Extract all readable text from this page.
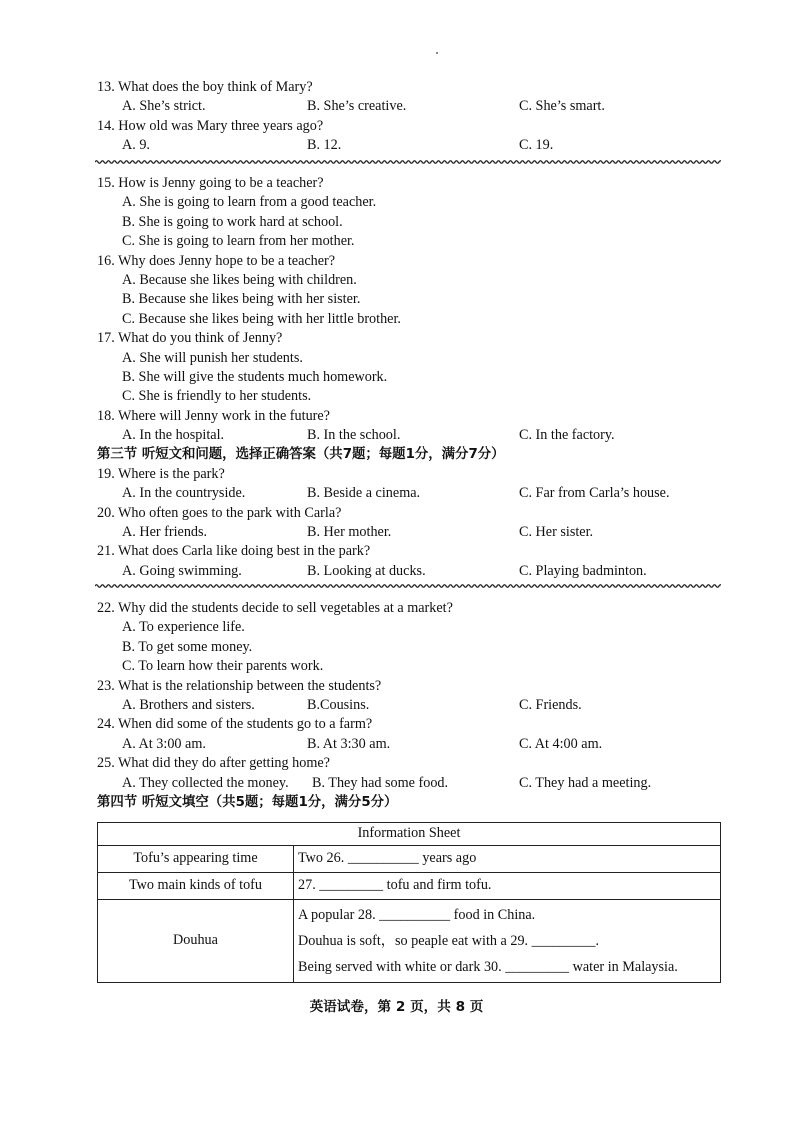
13. What does the boy think of Mary?
A. She’s strict.	B. She’s creative.	C. She’s smart.
14. How old was Mary three years ago?
A. 9.	B. 12.	C. 19.
15. How is Jenny going to be a teacher?
A. She is going to learn from a good teacher.
B. She is going to work hard at school.
C. She is going to learn from her mother.
16. Why does Jenny hope to be a teacher?
A. Because she likes being with children.
B. Because she likes being with her sister.
C. Because she likes being with her little brother.
17. What do you think of Jenny?
A. She will punish her students.
B. She will give the students much homework.
C. She is friendly to her students.
18. Where will Jenny work in the future?
A. In the hospital.	B. In the school.	C. In the factory.
第三节 听短文和问题，选择正确答案（共7题；每题1分，满分7分）
19. Where is the park?
A. In the countryside.	B. Beside a cinema.	C. Far from Carla’s house.
20. Who often goes to the park with Carla?
A. Her friends.	B. Her mother.	C. Her sister.
21. What does Carla like doing best in the park?
A. Going swimming.	B. Looking at ducks.	C. Playing badminton.
22. Why did the students decide to sell vegetables at a market?
A. To experience life.
B. To get some money.
C. To learn how their parents work.
23. What is the relationship between the students?
A. Brothers and sisters.	B.Cousins.	C. Friends.
24. When did some of the students go to a farm?
A. At 3:00 am.	B. At 3:30 am.	C. At 4:00 am.
25. What did they do after getting home?
A. They collected the money. B. They had some food.	C. They had a meeting.
第四节 听短文填空（共5题；每题1分，满分5分）
Information Sheet	
Tofu’s appearing time	Two 26. __________ years ago
Two main kinds of tofu	27. _________ tofu and firm tofu.
Douhua	A popular 28. __________ food in China.
Douhua is soft，so peaple eat with a 29. _________.
Being served with white or dark 30. _________ water in Malaysia.
英语试卷，第 2 页，共 8 页
